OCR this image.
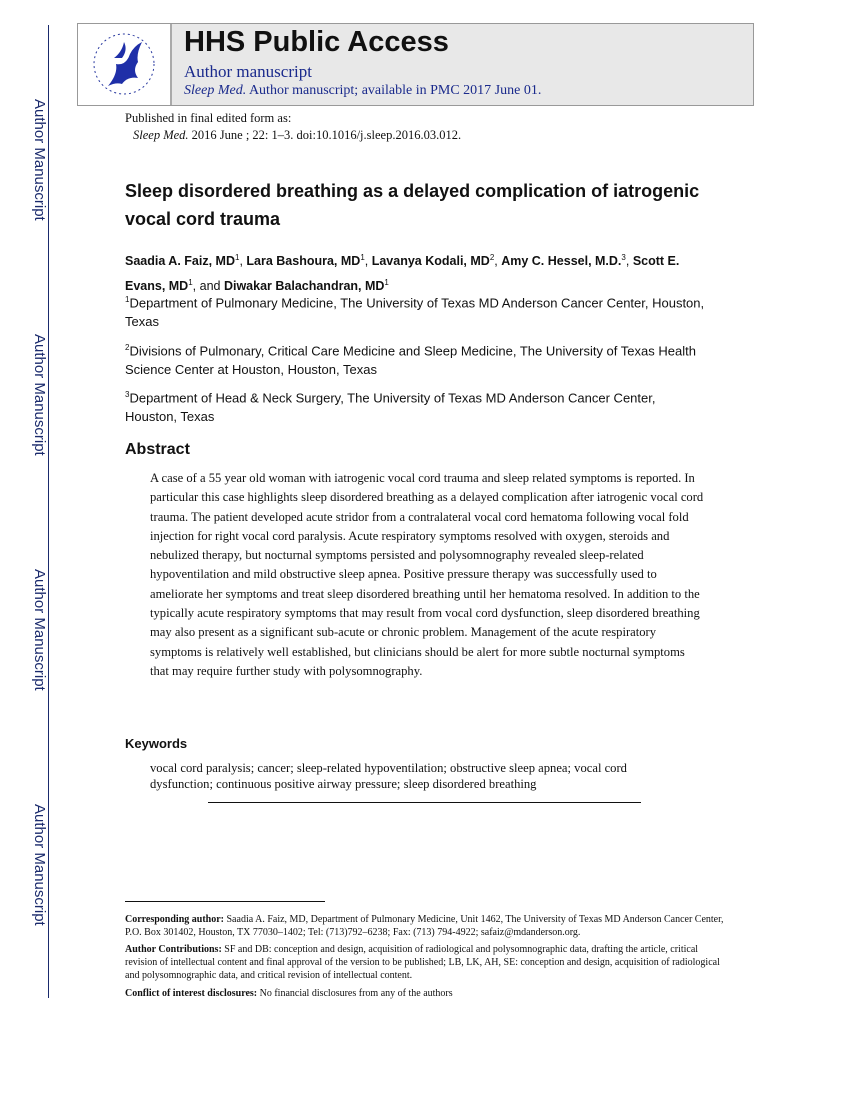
Author Manuscript
Author Manuscript
Author Manuscript
Author Manuscript
HHS Public Access
Author manuscript
Sleep Med. Author manuscript; available in PMC 2017 June 01.
Published in final edited form as:
Sleep Med. 2016 June ; 22: 1–3. doi:10.1016/j.sleep.2016.03.012.
Sleep disordered breathing as a delayed complication of iatrogenic vocal cord trauma
Saadia A. Faiz, $MD^1$, Lara Bashoura, $MD^1$, Lavanya Kodali, $MD^2$, Amy C. Hessel, M.D.$^3$, Scott E. Evans, $MD^1$, and Diwakar Balachandran, $MD^1$
$^1$Department of Pulmonary Medicine, The University of Texas MD Anderson Cancer Center, Houston, Texas
$^2$Divisions of Pulmonary, Critical Care Medicine and Sleep Medicine, The University of Texas Health Science Center at Houston, Houston, Texas
$^3$Department of Head & Neck Surgery, The University of Texas MD Anderson Cancer Center, Houston, Texas
Abstract
A case of a 55 year old woman with iatrogenic vocal cord trauma and sleep related symptoms is reported. In particular this case highlights sleep disordered breathing as a delayed complication after iatrogenic vocal cord trauma. The patient developed acute stridor from a contralateral vocal cord hematoma following vocal fold injection for right vocal cord paralysis. Acute respiratory symptoms resolved with oxygen, steroids and nebulized therapy, but nocturnal symptoms persisted and polysomnography revealed sleep-related hypoventilation and mild obstructive sleep apnea. Positive pressure therapy was successfully used to ameliorate her symptoms and treat sleep disordered breathing until her hematoma resolved. In addition to the typically acute respiratory symptoms that may result from vocal cord dysfunction, sleep disordered breathing may also present as a significant sub-acute or chronic problem. Management of the acute respiratory symptoms is relatively well established, but clinicians should be alert for more subtle nocturnal symptoms that may require further study with polysomnography.
Keywords
vocal cord paralysis; cancer; sleep-related hypoventilation; obstructive sleep apnea; vocal cord dysfunction; continuous positive airway pressure; sleep disordered breathing
Corresponding author: Saadia A. Faiz, MD, Department of Pulmonary Medicine, Unit 1462, The University of Texas MD Anderson Cancer Center, P.O. Box 301402, Houston, TX 77030–1402; Tel: (713)792–6238; Fax: (713) 794-4922; safaiz@mdanderson.org.
Author Contributions: SF and DB: conception and design, acquisition of radiological and polysomnographic data, drafting the article, critical revision of intellectual content and final approval of the version to be published; LB, LK, AH, SE: conception and design, acquisition of radiological and polysomnographic data, and critical revision of intellectual content.
Conflict of interest disclosures: No financial disclosures from any of the authors
